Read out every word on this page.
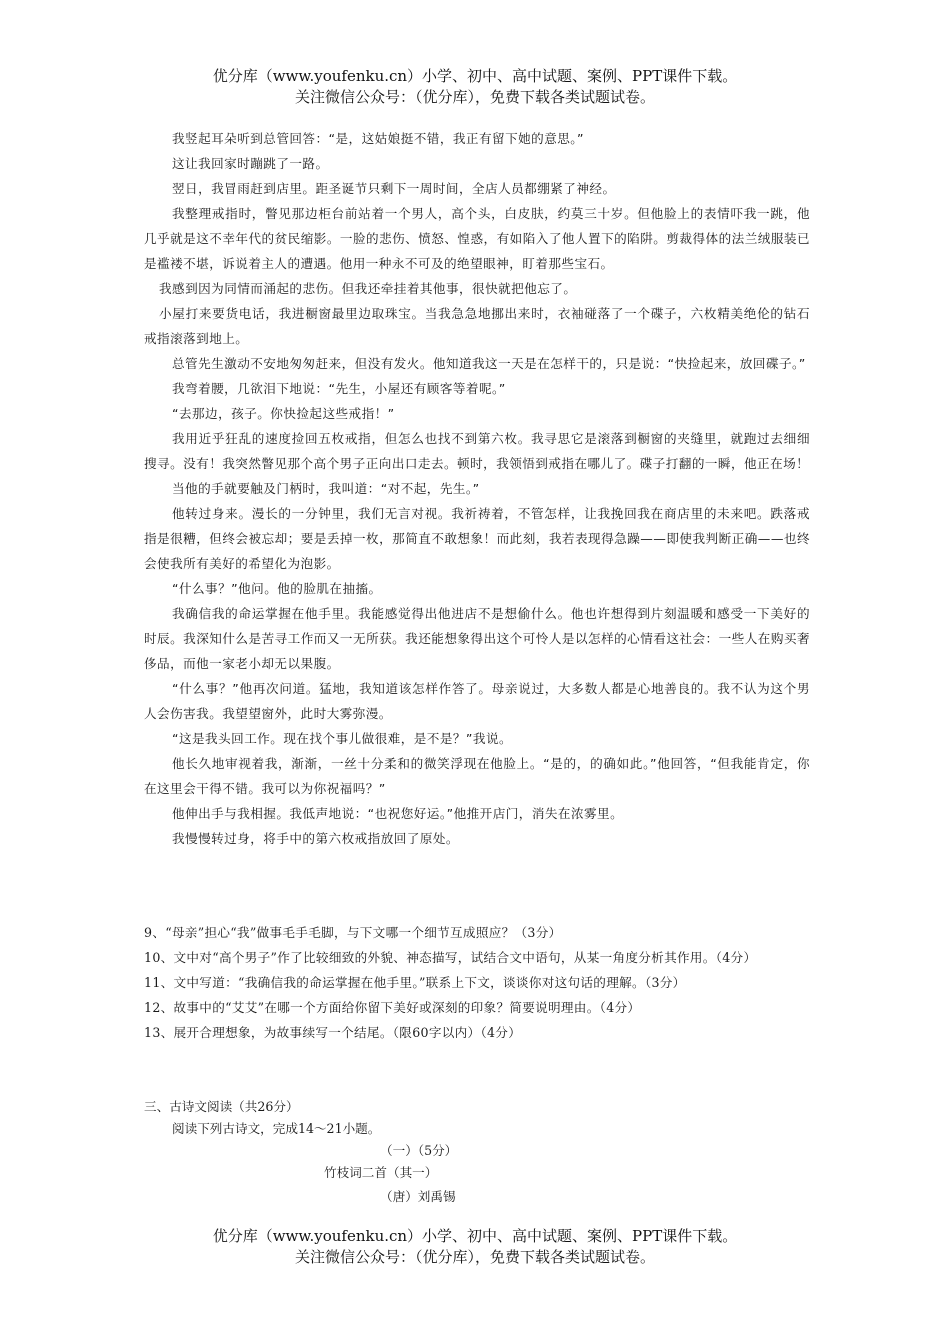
优分库（www.youfenku.cn）小学、初中、高中试题、案例、PPT课件下载。
关注微信公众号：（优分库），免费下载各类试题试卷。

我竖起耳朵听到总管回答：“是，这姑娘挺不错，我正有留下她的意思。”

这让我回家时蹦跳了一路。

翌日，我冒雨赶到店里。距圣诞节只剩下一周时间，全店人员都绷紧了神经。

我整理戒指时，瞥见那边柜台前站着一个男人，高个头，白皮肤，约莫三十岁。但他脸上的表情吓我一跳，他几乎就是这不幸年代的贫民缩影。一脸的悲伤、愤怒、惶惑，有如陷入了他人置下的陷阱。剪裁得体的法兰绒服装已是褴褛不堪，诉说着主人的遭遇。他用一种永不可及的绝望眼神，盯着那些宝石。

我感到因为同情而涌起的悲伤。但我还牵挂着其他事，很快就把他忘了。

小屋打来要货电话，我进橱窗最里边取珠宝。当我急急地挪出来时，衣袖碰落了一个碟子，六枚精美绝伦的钻石戒指滚落到地上。

总管先生激动不安地匆匆赶来，但没有发火。他知道我这一天是在怎样干的，只是说：“快捡起来，放回碟子。”

我弯着腰，几欲泪下地说：“先生，小屋还有顾客等着呢。”

“去那边，孩子。你快捡起这些戒指！”

我用近乎狂乱的速度捡回五枚戒指，但怎么也找不到第六枚。我寻思它是滚落到橱窗的夹缝里，就跑过去细细搜寻。没有！我突然瞥见那个高个男子正向出口走去。顿时，我领悟到戒指在哪儿了。碟子打翻的一瞬，他正在场！

当他的手就要触及门柄时，我叫道：“对不起，先生。”

他转过身来。漫长的一分钟里，我们无言对视。我祈祷着，不管怎样，让我挽回我在商店里的未来吧。跌落戒指是很糟，但终会被忘却；要是丢掉一枚，那简直不敢想象！而此刻，我若表现得急躁——即使我判断正确——也终会使我所有美好的希望化为泡影。

“什么事？”他问。他的脸肌在抽搐。

我确信我的命运掌握在他手里。我能感觉得出他进店不是想偷什么。他也许想得到片刻温暖和感受一下美好的时辰。我深知什么是苦寻工作而又一无所获。我还能想象得出这个可怜人是以怎样的心情看这社会：一些人在购买奢侈品，而他一家老小却无以果腹。

“什么事？”他再次问道。猛地，我知道该怎样作答了。母亲说过，大多数人都是心地善良的。我不认为这个男人会伤害我。我望望窗外，此时大雾弥漫。

“这是我头回工作。现在找个事儿做很难，是不是？”我说。

他长久地审视着我，渐渐，一丝十分柔和的微笑浮现在他脸上。“是的，的确如此。”他回答，“但我能肯定，你在这里会干得不错。我可以为你祝福吗？”

他伸出手与我相握。我低声地说：“也祝您好运。”他推开店门，消失在浓雾里。

我慢慢转过身，将手中的第六枚戒指放回了原处。

9、“母亲”担心“我”做事毛手毛脚，与下文哪一个细节互成照应？（3分）

10、文中对“高个男子”作了比较细致的外貌、神态描写，试结合文中语句，从某一角度分析其作用。（4分）

11、文中写道：“我确信我的命运掌握在他手里。”联系上下文，谈谈你对这句话的理解。（3分）

12、故事中的“艾艾”在哪一个方面给你留下美好或深刻的印象？简要说明理由。（4分）

13、展开合理想象，为故事续写一个结尾。（限60字以内）（4分）

三、古诗文阅读（共26分）
阅读下列古诗文，完成14～21小题。
（一）（5分）
竹枝词二首（其一）
（唐）刘禹锡
优分库（www.youfenku.cn）小学、初中、高中试题、案例、PPT课件下载。
关注微信公众号：（优分库），免费下载各类试题试卷。
